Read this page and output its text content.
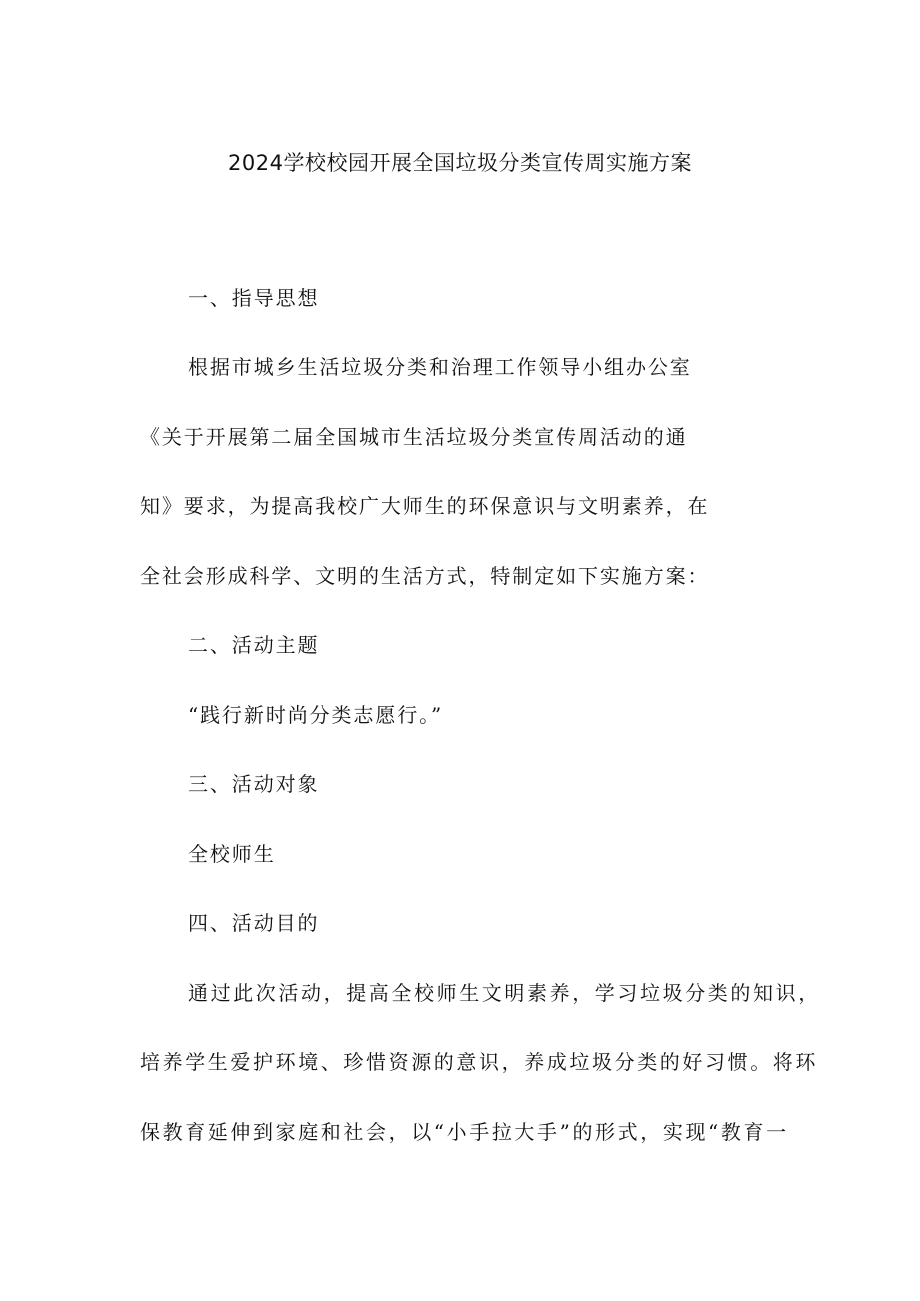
2024学校校园开展全国垃圾分类宣传周实施方案
一、指导思想
根据市城乡生活垃圾分类和治理工作领导小组办公室
《关于开展第二届全国城市生活垃圾分类宣传周活动的通
知》要求，为提高我校广大师生的环保意识与文明素养，在
全社会形成科学、文明的生活方式，特制定如下实施方案：
二、活动主题
“践行新时尚分类志愿行。”
三、活动对象
全校师生
四、活动目的
通过此次活动，提高全校师生文明素养，学习垃圾分类的知识，
培养学生爱护环境、珍惜资源的意识，养成垃圾分类的好习惯。将环
保教育延伸到家庭和社会，以“小手拉大手”的形式，实现“教育一
